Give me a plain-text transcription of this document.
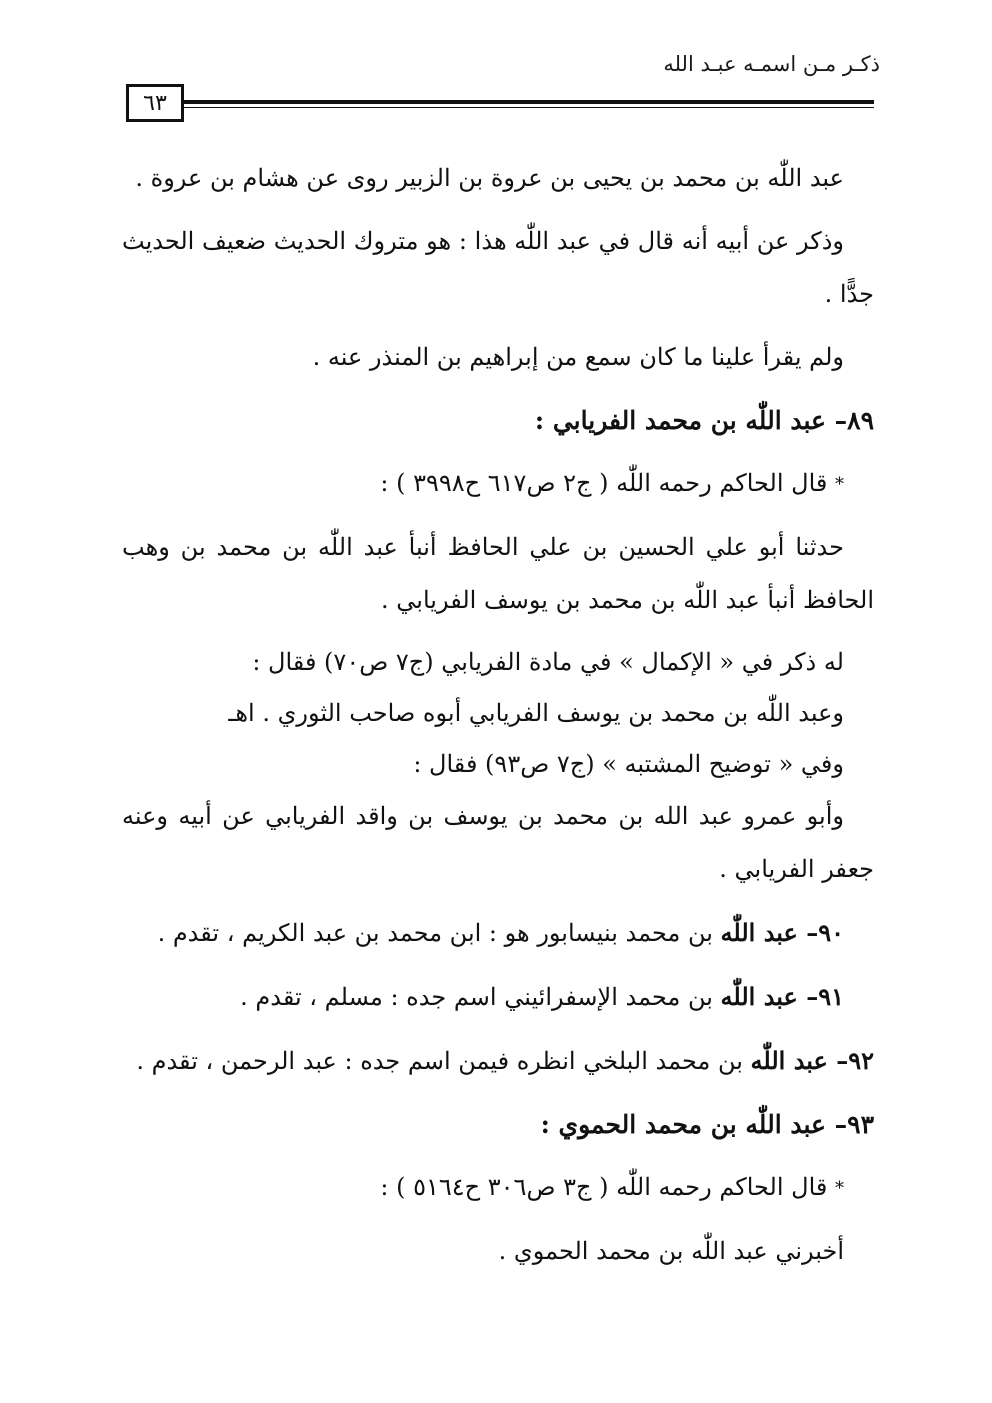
ذكـر مـن اسمـه عبـد الله
٦٣

عبد اللّٰه بن محمد بن يحيى بن عروة بن الزبير روى عن هشام بن عروة .

وذكر عن أبيه أنه قال في عبد اللّٰه هذا : هو متروك الحديث ضعيف الحديث جدًّا .

ولم يقرأ علينا ما كان سمع من إبراهيم بن المنذر عنه .

٨٩– عبد اللّٰه بن محمد الفريابي :

* قال الحاكم رحمه اللّٰه ( ج٢ ص٦١٧ ح٣٩٩٨ ) :

حدثنا أبو علي الحسين بن علي الحافظ أنبأ عبد اللّٰه بن محمد بن وهب الحافظ أنبأ عبد اللّٰه بن محمد بن يوسف الفريابي .

له ذكر في « الإكمال » في مادة الفريابي (ج٧ ص٧٠) فقال :

وعبد اللّٰه بن محمد بن يوسف الفريابي أبوه صاحب الثوري . اهـ

وفي « توضيح المشتبه » (ج٧ ص٩٣) فقال :

وأبو عمرو عبد الله بن محمد بن يوسف بن واقد الفريابي عن أبيه وعنه جعفر الفريابي .

٩٠– عبد اللّٰه بن محمد بنيسابور هو : ابن محمد بن عبد الكريم ، تقدم .

٩١– عبد اللّٰه بن محمد الإسفرائيني اسم جده : مسلم ، تقدم .

٩٢– عبد اللّٰه بن محمد البلخي انظره فيمن اسم جده : عبد الرحمن ، تقدم .

٩٣– عبد اللّٰه بن محمد الحموي :

* قال الحاكم رحمه اللّٰه ( ج٣ ص٣٠٦ ح٥١٦٤ ) :

أخبرني عبد اللّٰه بن محمد الحموي .
